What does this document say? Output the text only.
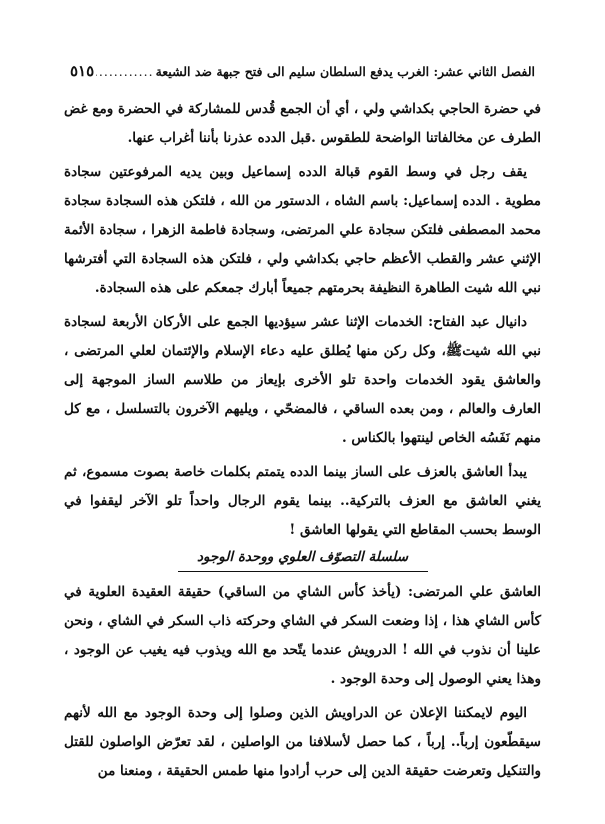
الفصل الثاني عشر: الغرب يدفع السلطان سليم الى فتح جبهة ضد الشيعة
.....
٥١٥

في حضرة الحاجي بكداشي ولي ، أي أن الجمع قُدس للمشاركة في الحضرة ومع غض الطرف عن مخالفاتنا الواضحة للطقوس .قبل الدده عذرنا بأننا أغراب عنها.

يقف رجل في وسط القوم قبالة الدده إسماعيل وبين يديه المرفوعتين سجادة مطوية . الدده إسماعيل: باسم الشاه ، الدستور من الله ، فلتكن هذه السجادة سجادة محمد المصطفى فلتكن سجادة علي المرتضى، وسجادة فاطمة الزهرا ، سجادة الأئمة الإثني عشر والقطب الأعظم حاجي بكداشي ولي ، فلتكن هذه السجادة التي أفترشها نبي الله شيت الطاهرة النظيفة بحرمتهم جميعاً أبارك جمعكم على هذه السجادة.

دانيال عبد الفتاح: الخدمات الإثنا عشر سيؤديها الجمع على الأركان الأربعة لسجادة نبي الله شيتﷺ، وكل ركن منها يُطلق عليه دعاء الإسلام والإئتمان لعلي المرتضى ، والعاشق يقود الخدمات واحدة تلو الأخرى بإيعاز من طلاسم الساز الموجهة إلى العارف والعالم ، ومن بعده الساقي ، فالمضحّي ، ويليهم الآخرون بالتسلسل ، مع كل منهم نَفَسُه الخاص لينتهوا بالكناس .

يبدأ العاشق بالعزف على الساز بينما الدده يتمتم بكلمات خاصة بصوت مسموع، ثم يغني العاشق مع العزف بالتركية.. بينما يقوم الرجال واحداً تلو الآخر ليقفوا في الوسط بحسب المقاطع التي يقولها العاشق !

سلسلة التصوّف العلوي ووحدة الوجود

العاشق علي المرتضى: (يأخذ كأس الشاي من الساقي) حقيقة العقيدة العلوية في كأس الشاي هذا ، إذا وضعت السكر في الشاي وحركته ذاب السكر في الشاي ، ونحن علينا أن نذوب في الله ! الدرويش عندما يتّحد مع الله ويذوب فيه يغيب عن الوجود ، وهذا يعني الوصول إلى وحدة الوجود .

اليوم لايمكننا الإعلان عن الدراويش الذين وصلوا إلى وحدة الوجود مع الله لأنهم سيقطّعون إرباً.. إرباً ، كما حصل لأسلافنا من الواصلين ، لقد تعرّض الواصلون للقتل والتنكيل وتعرضت حقيقة الدين إلى حرب أرادوا منها طمس الحقيقة ، ومنعنا من
